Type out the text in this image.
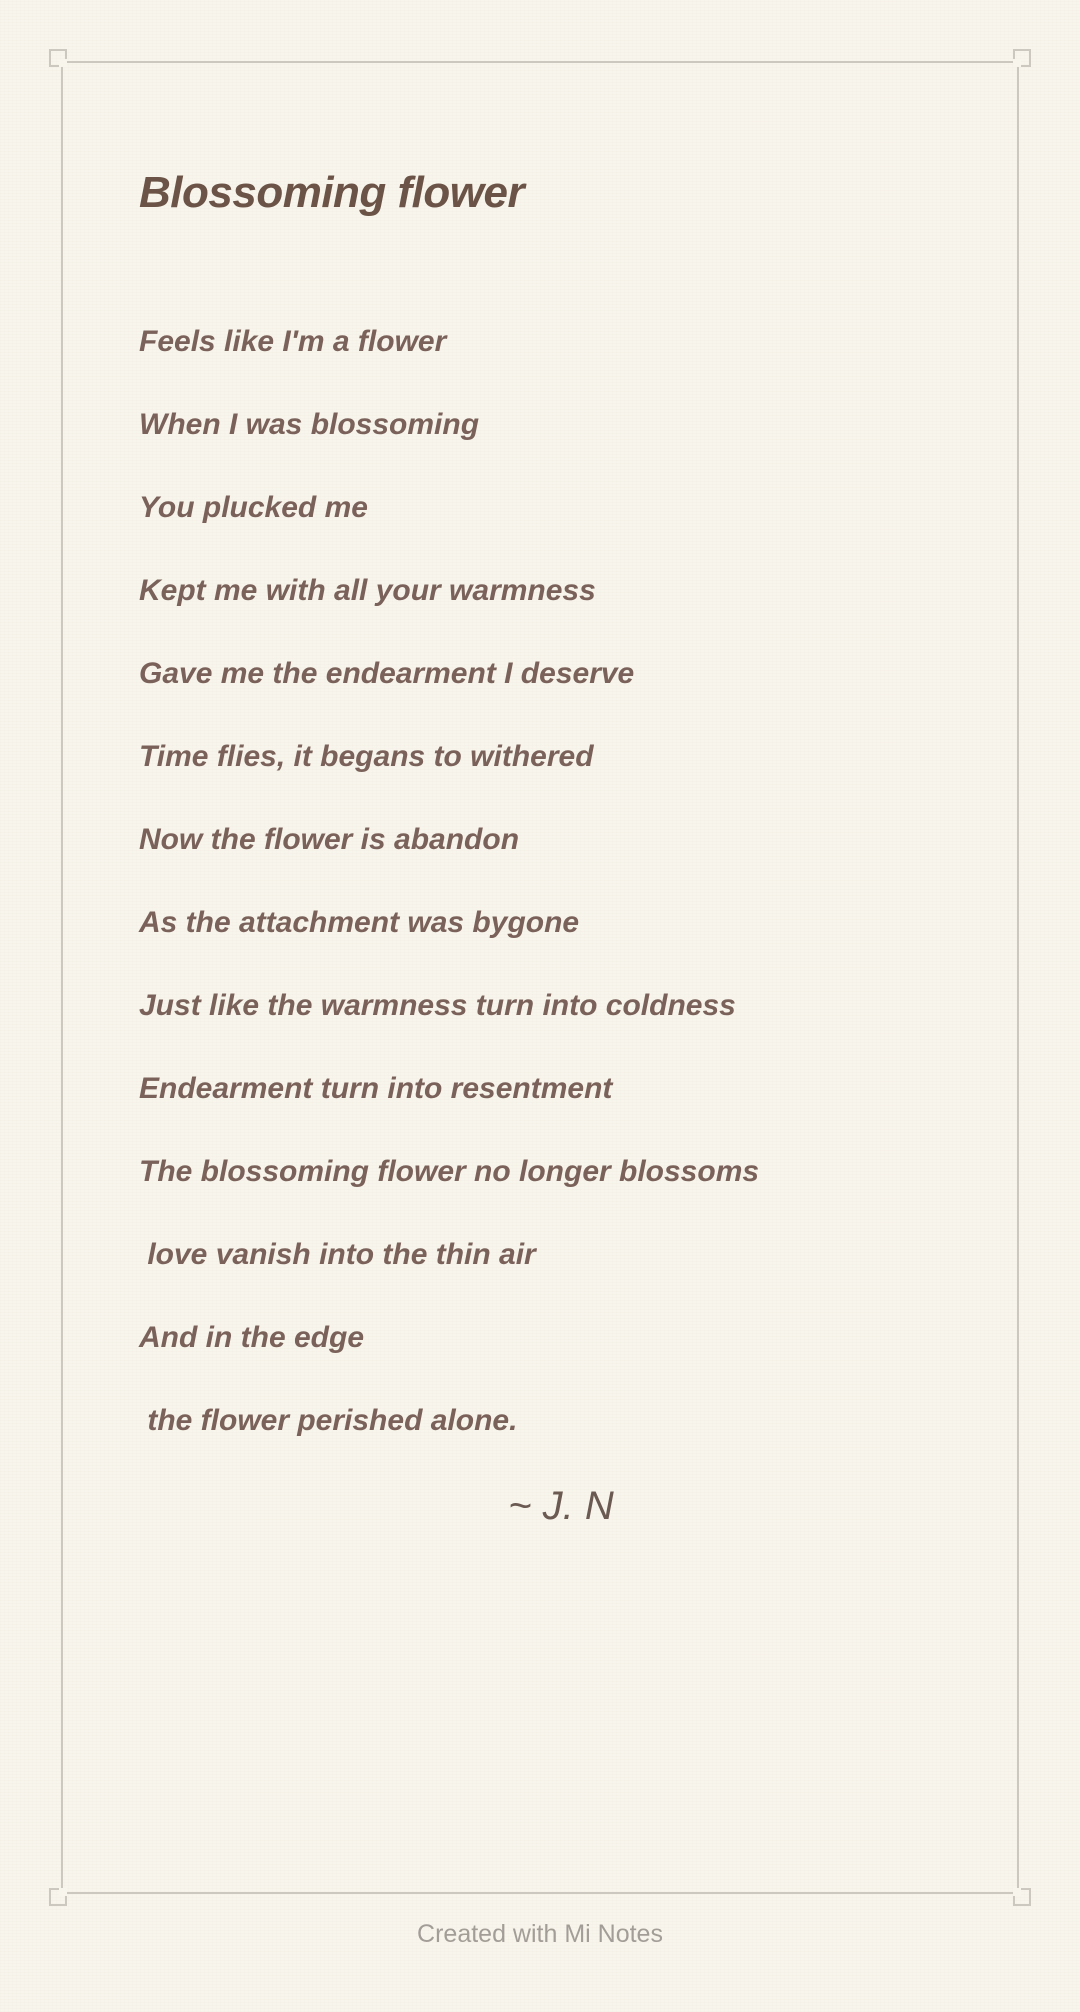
Blossoming flower
Feels like I'm a flower
When I was blossoming
You plucked me
Kept me with all your warmness
Gave me the endearment I deserve
Time flies, it begans to withered
Now the flower is abandon
As the attachment was bygone
Just like the warmness turn into coldness
Endearment turn into resentment
The blossoming flower no longer blossoms
love vanish into the thin air
And in the edge
the flower perished alone.
~ J. N
Created with Mi Notes
